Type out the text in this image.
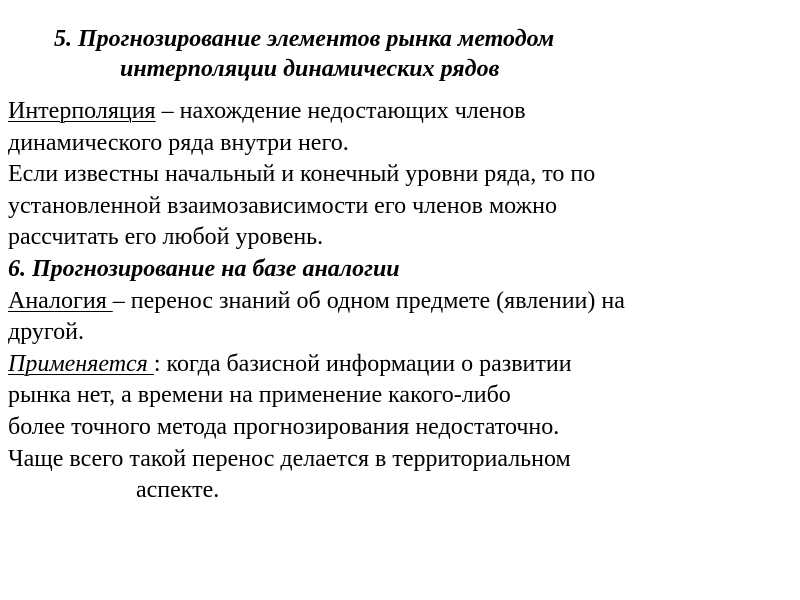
5. Прогнозирование элементов рынка методом
интерполяции динамических рядов
Интерполяция – нахождение недостающих членов
динамического ряда внутри него.
Если известны начальный и конечный уровни ряда, то по
установленной взаимозависимости его членов можно
рассчитать его любой уровень.
6. Прогнозирование на базе аналогии
Аналогия – перенос знаний об одном предмете (явлении) на
другой.
Применяется : когда базисной информации о развитии
рынка нет, а времени на применение какого-либо
более точного метода прогнозирования недостаточно.
Чаще всего такой перенос делается в территориальном
аспекте.
